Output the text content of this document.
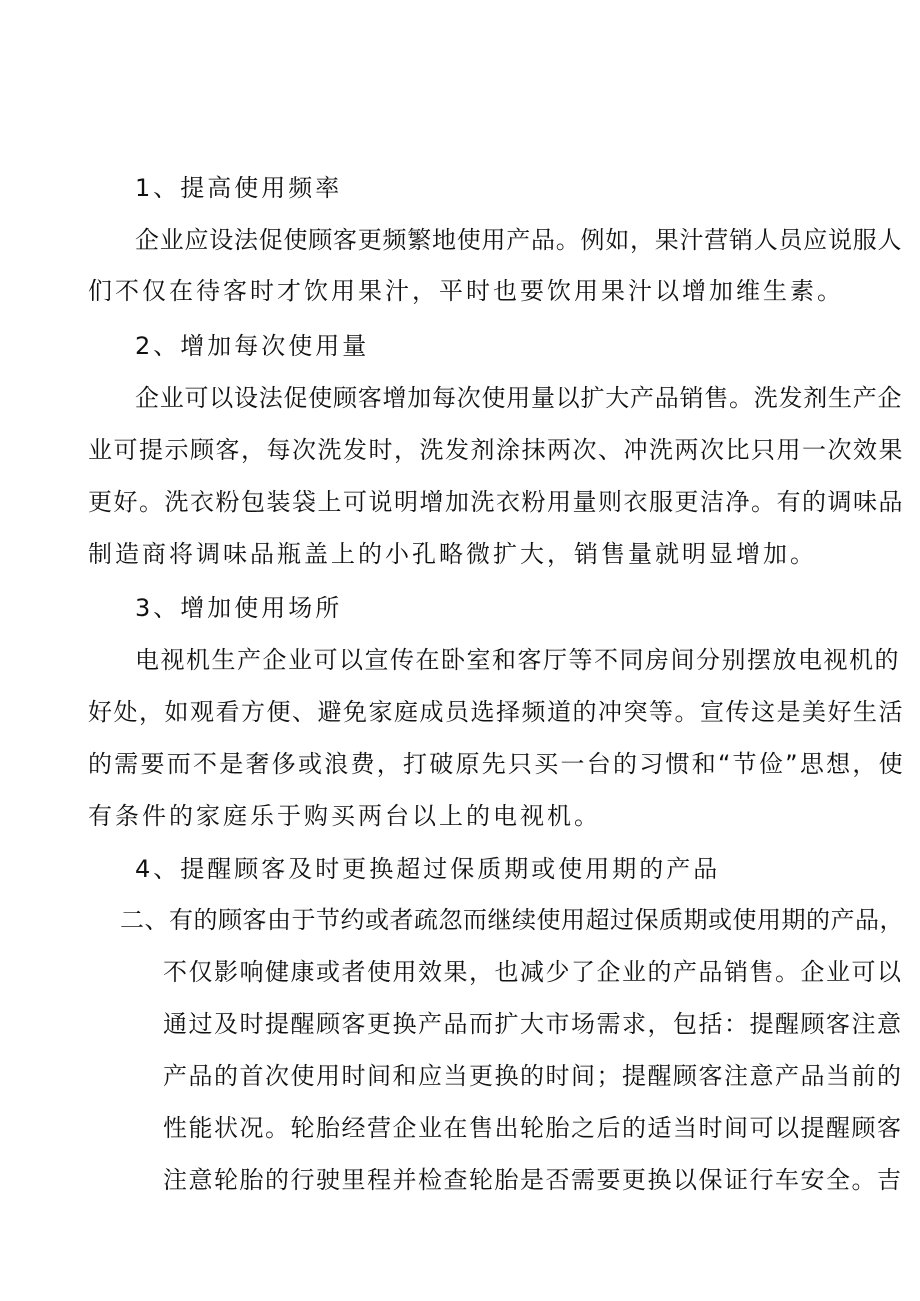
1、提高使用频率
企业应设法促使顾客更频繁地使用产品。例如，果汁营销人员应说服人
们不仅在待客时才饮用果汁，平时也要饮用果汁以增加维生素。
2、增加每次使用量
企业可以设法促使顾客增加每次使用量以扩大产品销售。洗发剂生产企
业可提示顾客，每次洗发时，洗发剂涂抹两次、冲洗两次比只用一次效果
更好。洗衣粉包装袋上可说明增加洗衣粉用量则衣服更洁净。有的调味品
制造商将调味品瓶盖上的小孔略微扩大，销售量就明显增加。
3、增加使用场所
电视机生产企业可以宣传在卧室和客厅等不同房间分别摆放电视机的
好处，如观看方便、避免家庭成员选择频道的冲突等。宣传这是美好生活
的需要而不是奢侈或浪费，打破原先只买一台的习惯和“节俭”思想，使
有条件的家庭乐于购买两台以上的电视机。
4、提醒顾客及时更换超过保质期或使用期的产品
二、有的顾客由于节约或者疏忽而继续使用超过保质期或使用期的产品，
不仅影响健康或者使用效果，也减少了企业的产品销售。企业可以
通过及时提醒顾客更换产品而扩大市场需求，包括：提醒顾客注意
产品的首次使用时间和应当更换的时间；提醒顾客注意产品当前的
性能状况。轮胎经营企业在售出轮胎之后的适当时间可以提醒顾客
注意轮胎的行驶里程并检查轮胎是否需要更换以保证行车安全。吉
